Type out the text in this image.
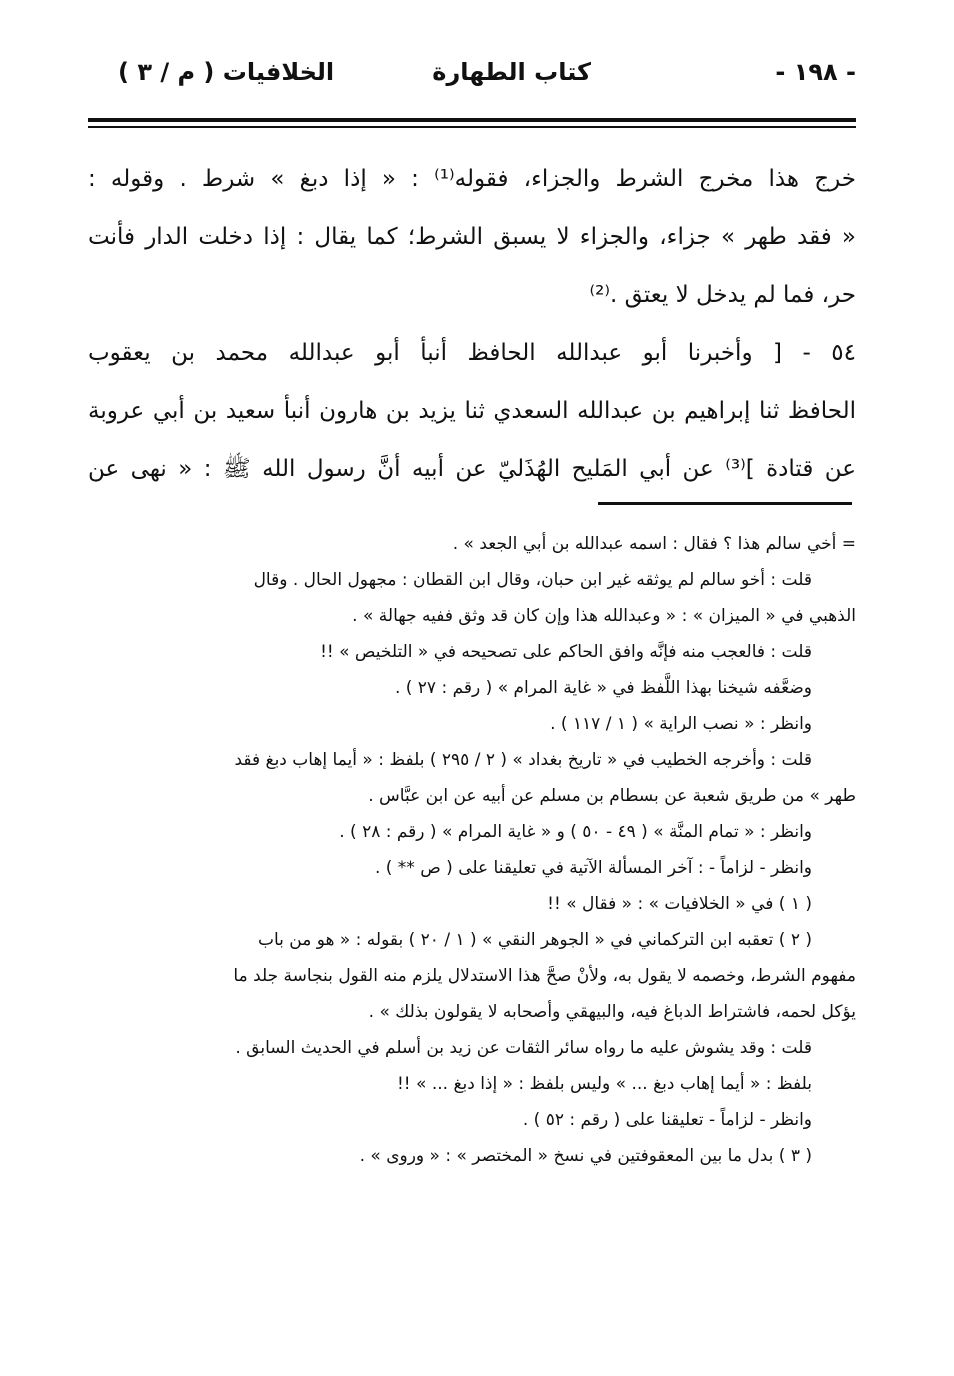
- ١٩٨ -
كتاب الطهارة
الخلافيات ( م / ٣ )

خرج هذا مخرج الشرط والجزاء، فقوله⁽¹⁾ : « إذا دبغ » شرط . وقوله :

« فقد طهر » جزاء، والجزاء لا يسبق الشرط؛ كما يقال : إذا دخلت الدار فأنت

حر، فما لم يدخل لا يعتق .⁽²⁾

٥٤ - [ وأخبرنا أبو عبدالله الحافظ أنبأ أبو عبدالله محمد بن يعقوب

الحافظ ثنا إبراهيم بن عبدالله السعدي ثنا يزيد بن هارون أنبأ سعيد بن أبي عروبة

عن قتادة ]⁽³⁾ عن أبي المَليح الهُذَليّ عن أبيه أنَّ رسول الله ﷺ : « نهى عن

= أخي سالم هذا ؟ فقال : اسمه عبدالله بن أبي الجعد » .

قلت : أخو سالم لم يوثقه غير ابن حبان، وقال ابن القطان : مجهول الحال . وقال

الذهبي في « الميزان » : « وعبدالله هذا وإن كان قد وثق ففيه جهالة » .

قلت : فالعجب منه فإنَّه وافق الحاكم على تصحيحه في « التلخيص » !!

وضعَّفه شيخنا بهذا اللَّفظ في « غاية المرام » ( رقم : ٢٧ ) .

وانظر : « نصب الراية » ( ١ / ١١٧ ) .

قلت : وأخرجه الخطيب في « تاريخ بغداد » ( ٢ / ٢٩٥ ) بلفظ : « أيما إهاب دبغ فقد

طهر » من طريق شعبة عن بسطام بن مسلم عن أبيه عن ابن عبَّاس .

وانظر : « تمام المنَّة » ( ٤٩ - ٥٠ ) و « غاية المرام » ( رقم : ٢٨ ) .

وانظر - لزاماً - : آخر المسألة الآتية في تعليقنا على ( ص ** ) .

( ١ ) في « الخلافيات » : « فقال » !!

( ٢ ) تعقبه ابن التركماني في « الجوهر النقي » ( ١ / ٢٠ ) بقوله : « هو من باب

مفهوم الشرط، وخصمه لا يقول به، ولأنْ صحَّ هذا الاستدلال يلزم منه القول بنجاسة جلد ما

يؤكل لحمه، فاشتراط الدباغ فيه، والبيهقي وأصحابه لا يقولون بذلك » .

قلت : وقد يشوش عليه ما رواه سائر الثقات عن زيد بن أسلم في الحديث السابق .

بلفظ : « أيما إهاب دبغ ... » وليس بلفظ : « إذا دبغ ... » !!

وانظر - لزاماً - تعليقنا على ( رقم : ٥٢ ) .

( ٣ ) بدل ما بين المعقوفتين في نسخ « المختصر » : « وروى » .
